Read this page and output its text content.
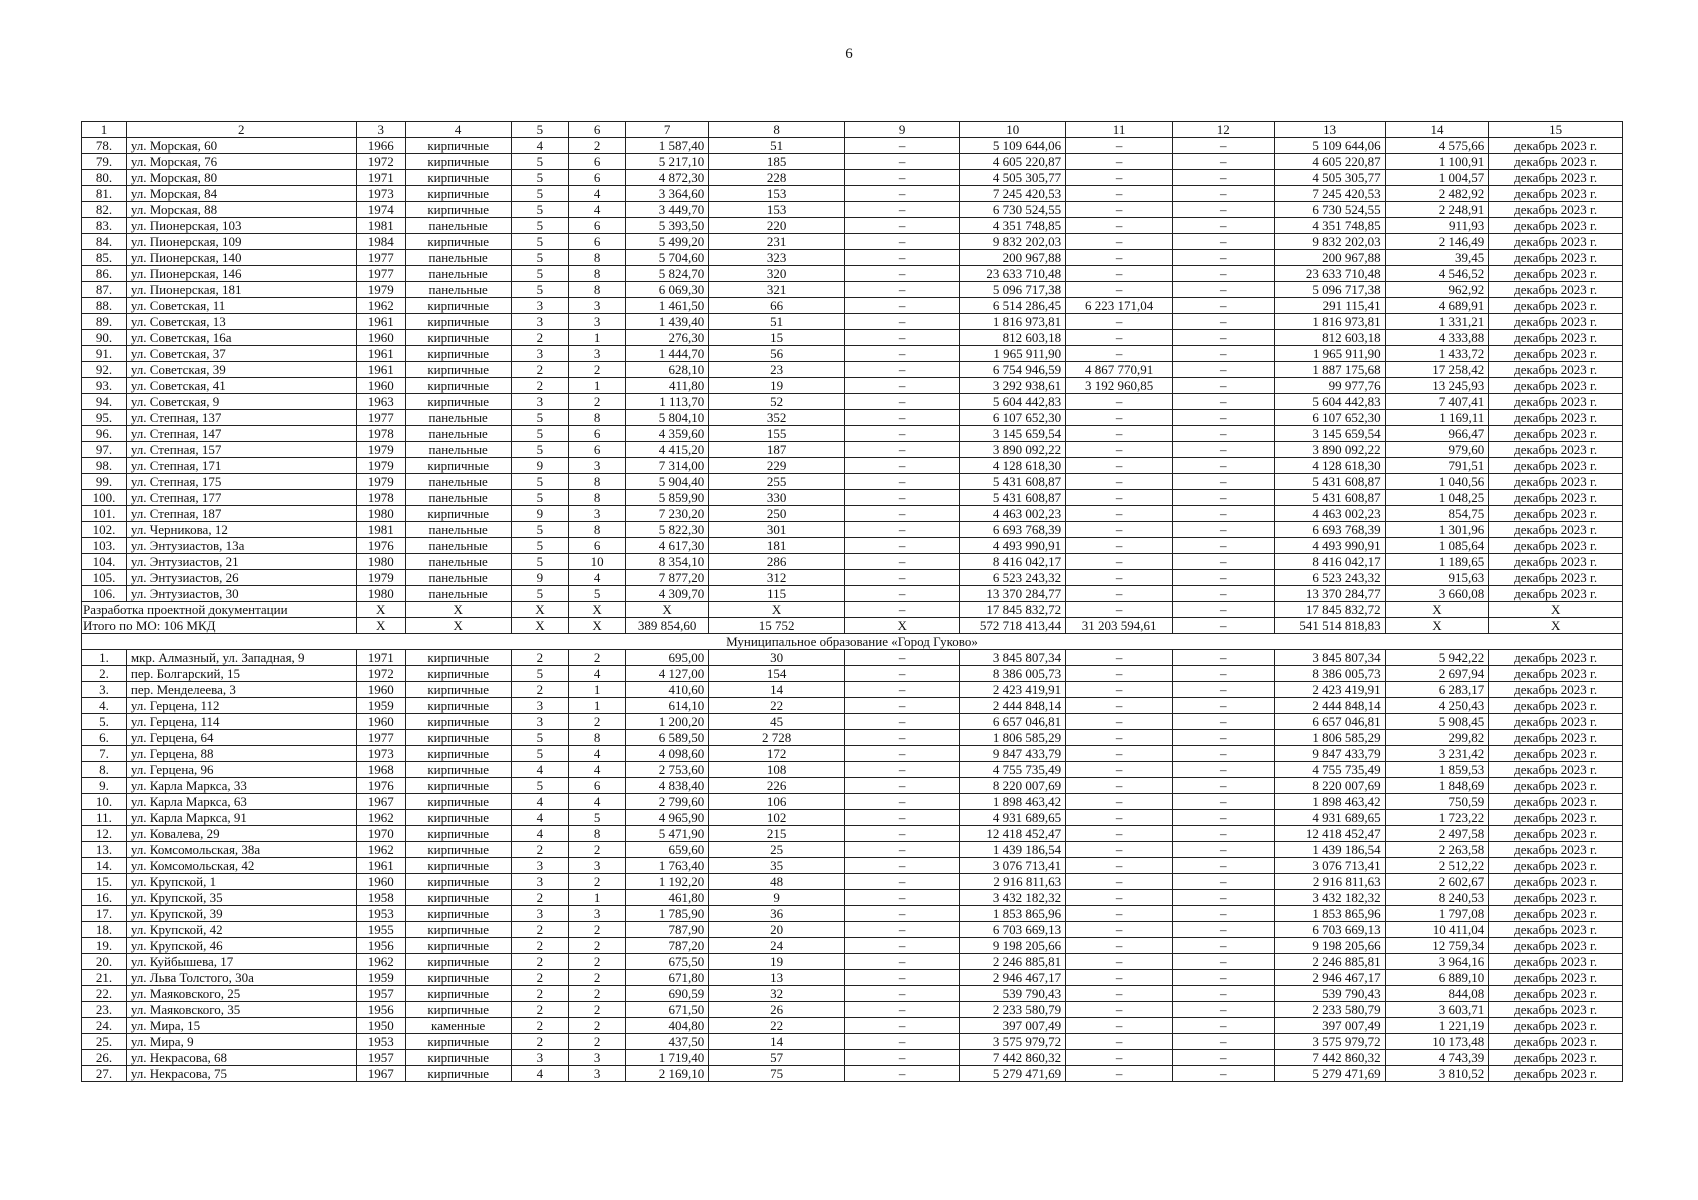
6
1	2	3	4	5	6	7	8	9	10	11	12	13	14	15
78.	ул. Морская, 60	1966	кирпичные	4	2	1 587,40	51	–	5 109 644,06	–	–	5 109 644,06	4 575,66	декабрь 2023 г.
79.	ул. Морская, 76	1972	кирпичные	5	6	5 217,10	185	–	4 605 220,87	–	–	4 605 220,87	1 100,91	декабрь 2023 г.
80.	ул. Морская, 80	1971	кирпичные	5	6	4 872,30	228	–	4 505 305,77	–	–	4 505 305,77	1 004,57	декабрь 2023 г.
81.	ул. Морская, 84	1973	кирпичные	5	4	3 364,60	153	–	7 245 420,53	–	–	7 245 420,53	2 482,92	декабрь 2023 г.
82.	ул. Морская, 88	1974	кирпичные	5	4	3 449,70	153	–	6 730 524,55	–	–	6 730 524,55	2 248,91	декабрь 2023 г.
83.	ул. Пионерская, 103	1981	панельные	5	6	5 393,50	220	–	4 351 748,85	–	–	4 351 748,85	911,93	декабрь 2023 г.
84.	ул. Пионерская, 109	1984	кирпичные	5	6	5 499,20	231	–	9 832 202,03	–	–	9 832 202,03	2 146,49	декабрь 2023 г.
85.	ул. Пионерская, 140	1977	панельные	5	8	5 704,60	323	–	200 967,88	–	–	200 967,88	39,45	декабрь 2023 г.
86.	ул. Пионерская, 146	1977	панельные	5	8	5 824,70	320	–	23 633 710,48	–	–	23 633 710,48	4 546,52	декабрь 2023 г.
87.	ул. Пионерская, 181	1979	панельные	5	8	6 069,30	321	–	5 096 717,38	–	–	5 096 717,38	962,92	декабрь 2023 г.
88.	ул. Советская, 11	1962	кирпичные	3	3	1 461,50	66	–	6 514 286,45	6 223 171,04	–	291 115,41	4 689,91	декабрь 2023 г.
89.	ул. Советская, 13	1961	кирпичные	3	3	1 439,40	51	–	1 816 973,81	–	–	1 816 973,81	1 331,21	декабрь 2023 г.
90.	ул. Советская, 16а	1960	кирпичные	2	1	276,30	15	–	812 603,18	–	–	812 603,18	4 333,88	декабрь 2023 г.
91.	ул. Советская, 37	1961	кирпичные	3	3	1 444,70	56	–	1 965 911,90	–	–	1 965 911,90	1 433,72	декабрь 2023 г.
92.	ул. Советская, 39	1961	кирпичные	2	2	628,10	23	–	6 754 946,59	4 867 770,91	–	1 887 175,68	17 258,42	декабрь 2023 г.
93.	ул. Советская, 41	1960	кирпичные	2	1	411,80	19	–	3 292 938,61	3 192 960,85	–	99 977,76	13 245,93	декабрь 2023 г.
94.	ул. Советская, 9	1963	кирпичные	3	2	1 113,70	52	–	5 604 442,83	–	–	5 604 442,83	7 407,41	декабрь 2023 г.
95.	ул. Степная, 137	1977	панельные	5	8	5 804,10	352	–	6 107 652,30	–	–	6 107 652,30	1 169,11	декабрь 2023 г.
96.	ул. Степная, 147	1978	панельные	5	6	4 359,60	155	–	3 145 659,54	–	–	3 145 659,54	966,47	декабрь 2023 г.
97.	ул. Степная, 157	1979	панельные	5	6	4 415,20	187	–	3 890 092,22	–	–	3 890 092,22	979,60	декабрь 2023 г.
98.	ул. Степная, 171	1979	кирпичные	9	3	7 314,00	229	–	4 128 618,30	–	–	4 128 618,30	791,51	декабрь 2023 г.
99.	ул. Степная, 175	1979	панельные	5	8	5 904,40	255	–	5 431 608,87	–	–	5 431 608,87	1 040,56	декабрь 2023 г.
100.	ул. Степная, 177	1978	панельные	5	8	5 859,90	330	–	5 431 608,87	–	–	5 431 608,87	1 048,25	декабрь 2023 г.
101.	ул. Степная, 187	1980	кирпичные	9	3	7 230,20	250	–	4 463 002,23	–	–	4 463 002,23	854,75	декабрь 2023 г.
102.	ул. Черникова, 12	1981	панельные	5	8	5 822,30	301	–	6 693 768,39	–	–	6 693 768,39	1 301,96	декабрь 2023 г.
103.	ул. Энтузиастов, 13а	1976	панельные	5	6	4 617,30	181	–	4 493 990,91	–	–	4 493 990,91	1 085,64	декабрь 2023 г.
104.	ул. Энтузиастов, 21	1980	панельные	5	10	8 354,10	286	–	8 416 042,17	–	–	8 416 042,17	1 189,65	декабрь 2023 г.
105.	ул. Энтузиастов, 26	1979	панельные	9	4	7 877,20	312	–	6 523 243,32	–	–	6 523 243,32	915,63	декабрь 2023 г.
106.	ул. Энтузиастов, 30	1980	панельные	5	5	4 309,70	115	–	13 370 284,77	–	–	13 370 284,77	3 660,08	декабрь 2023 г.
Разработка проектной документации		X	X	X	X	X	X	–	17 845 832,72	–	–	17 845 832,72	X	X
Итого по МО: 106 МКД		X	X	X	X	389 854,60	15 752	X	572 718 413,44	31 203 594,61	–	541 514 818,83	X	X
Муниципальное образование «Город Гуково»														
1.	мкр. Алмазный, ул. Западная, 9	1971	кирпичные	2	2	695,00	30	–	3 845 807,34	–	–	3 845 807,34	5 942,22	декабрь 2023 г.
2.	пер. Болгарский, 15	1972	кирпичные	5	4	4 127,00	154	–	8 386 005,73	–	–	8 386 005,73	2 697,94	декабрь 2023 г.
3.	пер. Менделеева, 3	1960	кирпичные	2	1	410,60	14	–	2 423 419,91	–	–	2 423 419,91	6 283,17	декабрь 2023 г.
4.	ул. Герцена, 112	1959	кирпичные	3	1	614,10	22	–	2 444 848,14	–	–	2 444 848,14	4 250,43	декабрь 2023 г.
5.	ул. Герцена, 114	1960	кирпичные	3	2	1 200,20	45	–	6 657 046,81	–	–	6 657 046,81	5 908,45	декабрь 2023 г.
6.	ул. Герцена, 64	1977	кирпичные	5	8	6 589,50	2 728	–	1 806 585,29	–	–	1 806 585,29	299,82	декабрь 2023 г.
7.	ул. Герцена, 88	1973	кирпичные	5	4	4 098,60	172	–	9 847 433,79	–	–	9 847 433,79	3 231,42	декабрь 2023 г.
8.	ул. Герцена, 96	1968	кирпичные	4	4	2 753,60	108	–	4 755 735,49	–	–	4 755 735,49	1 859,53	декабрь 2023 г.
9.	ул. Карла Маркса, 33	1976	кирпичные	5	6	4 838,40	226	–	8 220 007,69	–	–	8 220 007,69	1 848,69	декабрь 2023 г.
10.	ул. Карла Маркса, 63	1967	кирпичные	4	4	2 799,60	106	–	1 898 463,42	–	–	1 898 463,42	750,59	декабрь 2023 г.
11.	ул. Карла Маркса, 91	1962	кирпичные	4	5	4 965,90	102	–	4 931 689,65	–	–	4 931 689,65	1 723,22	декабрь 2023 г.
12.	ул. Ковалева, 29	1970	кирпичные	4	8	5 471,90	215	–	12 418 452,47	–	–	12 418 452,47	2 497,58	декабрь 2023 г.
13.	ул. Комсомольская, 38а	1962	кирпичные	2	2	659,60	25	–	1 439 186,54	–	–	1 439 186,54	2 263,58	декабрь 2023 г.
14.	ул. Комсомольская, 42	1961	кирпичные	3	3	1 763,40	35	–	3 076 713,41	–	–	3 076 713,41	2 512,22	декабрь 2023 г.
15.	ул. Крупской, 1	1960	кирпичные	3	2	1 192,20	48	–	2 916 811,63	–	–	2 916 811,63	2 602,67	декабрь 2023 г.
16.	ул. Крупской, 35	1958	кирпичные	2	1	461,80	9	–	3 432 182,32	–	–	3 432 182,32	8 240,53	декабрь 2023 г.
17.	ул. Крупской, 39	1953	кирпичные	3	3	1 785,90	36	–	1 853 865,96	–	–	1 853 865,96	1 797,08	декабрь 2023 г.
18.	ул. Крупской, 42	1955	кирпичные	2	2	787,90	20	–	6 703 669,13	–	–	6 703 669,13	10 411,04	декабрь 2023 г.
19.	ул. Крупской, 46	1956	кирпичные	2	2	787,20	24	–	9 198 205,66	–	–	9 198 205,66	12 759,34	декабрь 2023 г.
20.	ул. Куйбышева, 17	1962	кирпичные	2	2	675,50	19	–	2 246 885,81	–	–	2 246 885,81	3 964,16	декабрь 2023 г.
21.	ул. Льва Толстого, 30а	1959	кирпичные	2	2	671,80	13	–	2 946 467,17	–	–	2 946 467,17	6 889,10	декабрь 2023 г.
22.	ул. Маяковского, 25	1957	кирпичные	2	2	690,59	32	–	539 790,43	–	–	539 790,43	844,08	декабрь 2023 г.
23.	ул. Маяковского, 35	1956	кирпичные	2	2	671,50	26	–	2 233 580,79	–	–	2 233 580,79	3 603,71	декабрь 2023 г.
24.	ул. Мира, 15	1950	каменные	2	2	404,80	22	–	397 007,49	–	–	397 007,49	1 221,19	декабрь 2023 г.
25.	ул. Мира, 9	1953	кирпичные	2	2	437,50	14	–	3 575 979,72	–	–	3 575 979,72	10 173,48	декабрь 2023 г.
26.	ул. Некрасова, 68	1957	кирпичные	3	3	1 719,40	57	–	7 442 860,32	–	–	7 442 860,32	4 743,39	декабрь 2023 г.
27.	ул. Некрасова, 75	1967	кирпичные	4	3	2 169,10	75	–	5 279 471,69	–	–	5 279 471,69	3 810,52	декабрь 2023 г.
